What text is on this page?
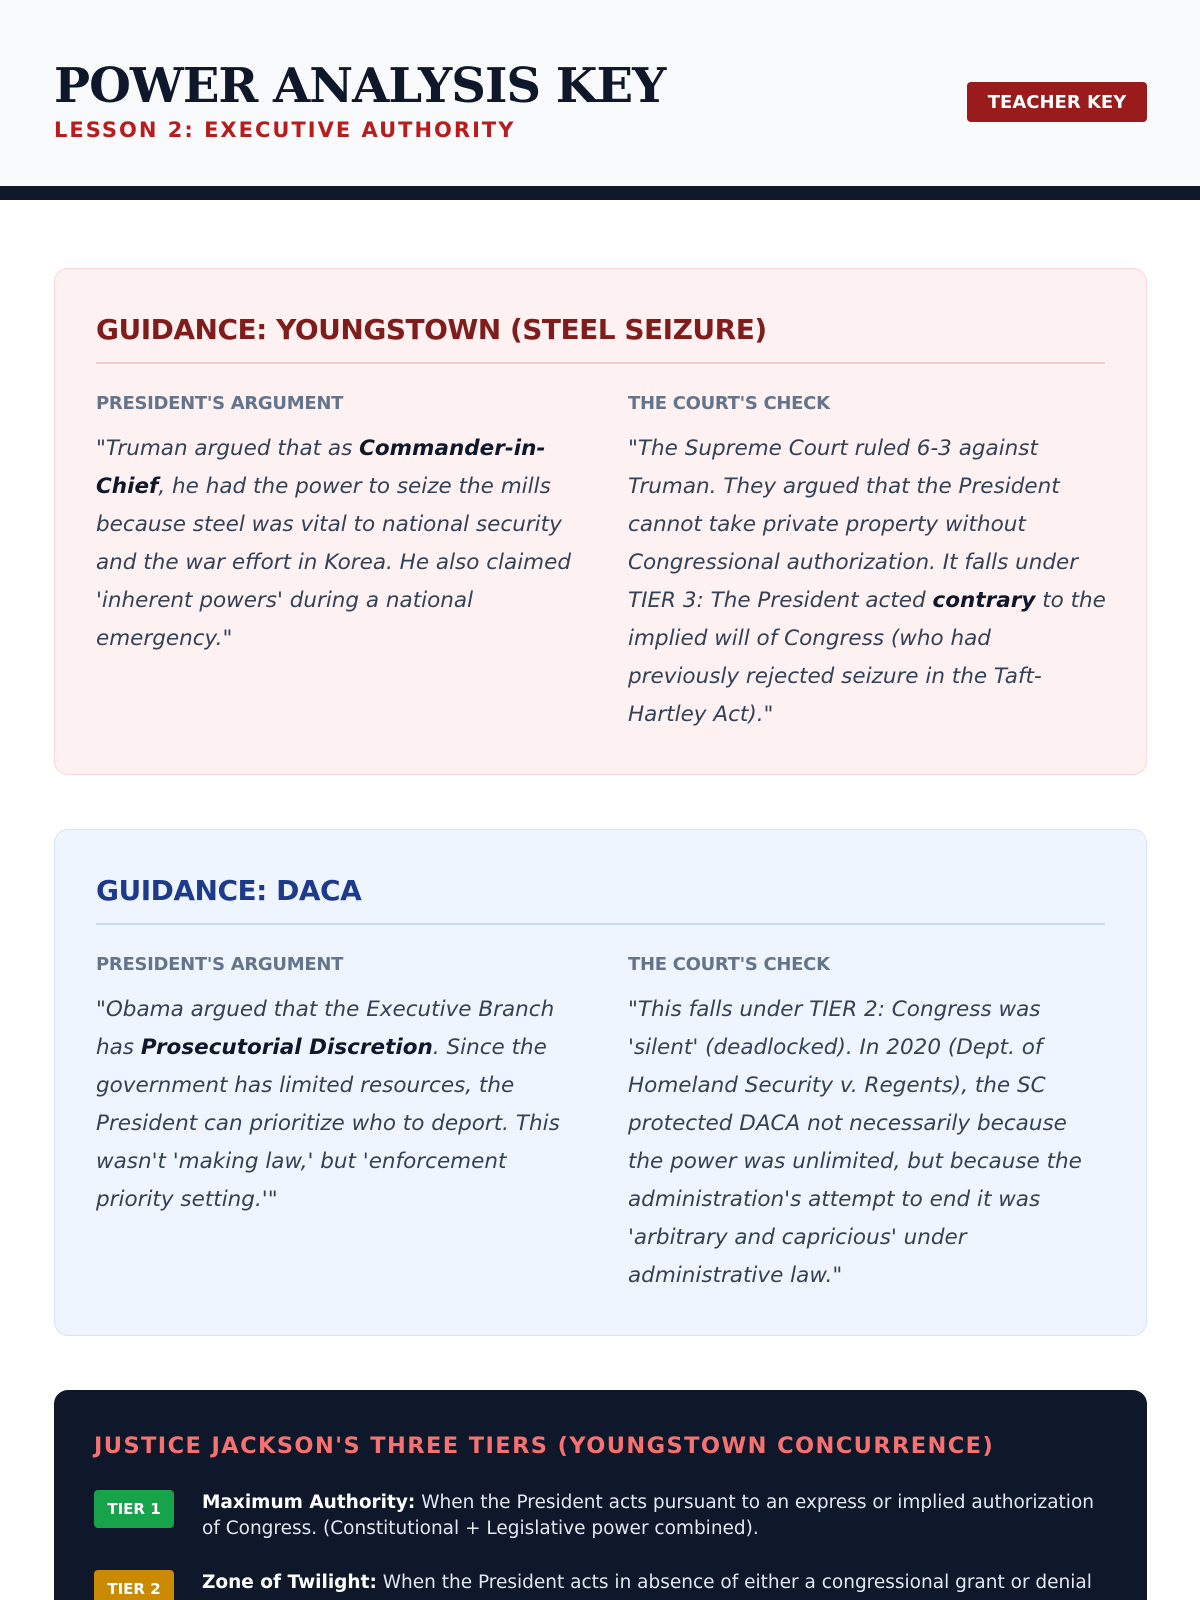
POWER ANALYSIS KEY
LESSON 2: EXECUTIVE AUTHORITY
TEACHER KEY
GUIDANCE: YOUNGSTOWN (STEEL SEIZURE)
PRESIDENT'S ARGUMENT
"Truman argued that as Commander-in-Chief, he had the power to seize the mills because steel was vital to national security and the war effort in Korea. He also claimed 'inherent powers' during a national emergency."
THE COURT'S CHECK
"The Supreme Court ruled 6-3 against Truman. They argued that the President cannot take private property without Congressional authorization. It falls under TIER 3: The President acted contrary to the implied will of Congress (who had previously rejected seizure in the Taft-Hartley Act)."
GUIDANCE: DACA
PRESIDENT'S ARGUMENT
"Obama argued that the Executive Branch has Prosecutorial Discretion. Since the government has limited resources, the President can prioritize who to deport. This wasn't 'making law,' but 'enforcement priority setting.'"
THE COURT'S CHECK
"This falls under TIER 2: Congress was 'silent' (deadlocked). In 2020 (Dept. of Homeland Security v. Regents), the SC protected DACA not necessarily because the power was unlimited, but because the administration's attempt to end it was 'arbitrary and capricious' under administrative law."
JUSTICE JACKSON'S THREE TIERS (YOUNGSTOWN CONCURRENCE)
TIER 1	Maximum Authority: When the President acts pursuant to an express or implied authorization of Congress. (Constitutional + Legislative power combined).
TIER 2	Zone of Twilight: When the President acts in absence of either a congressional grant or denial
